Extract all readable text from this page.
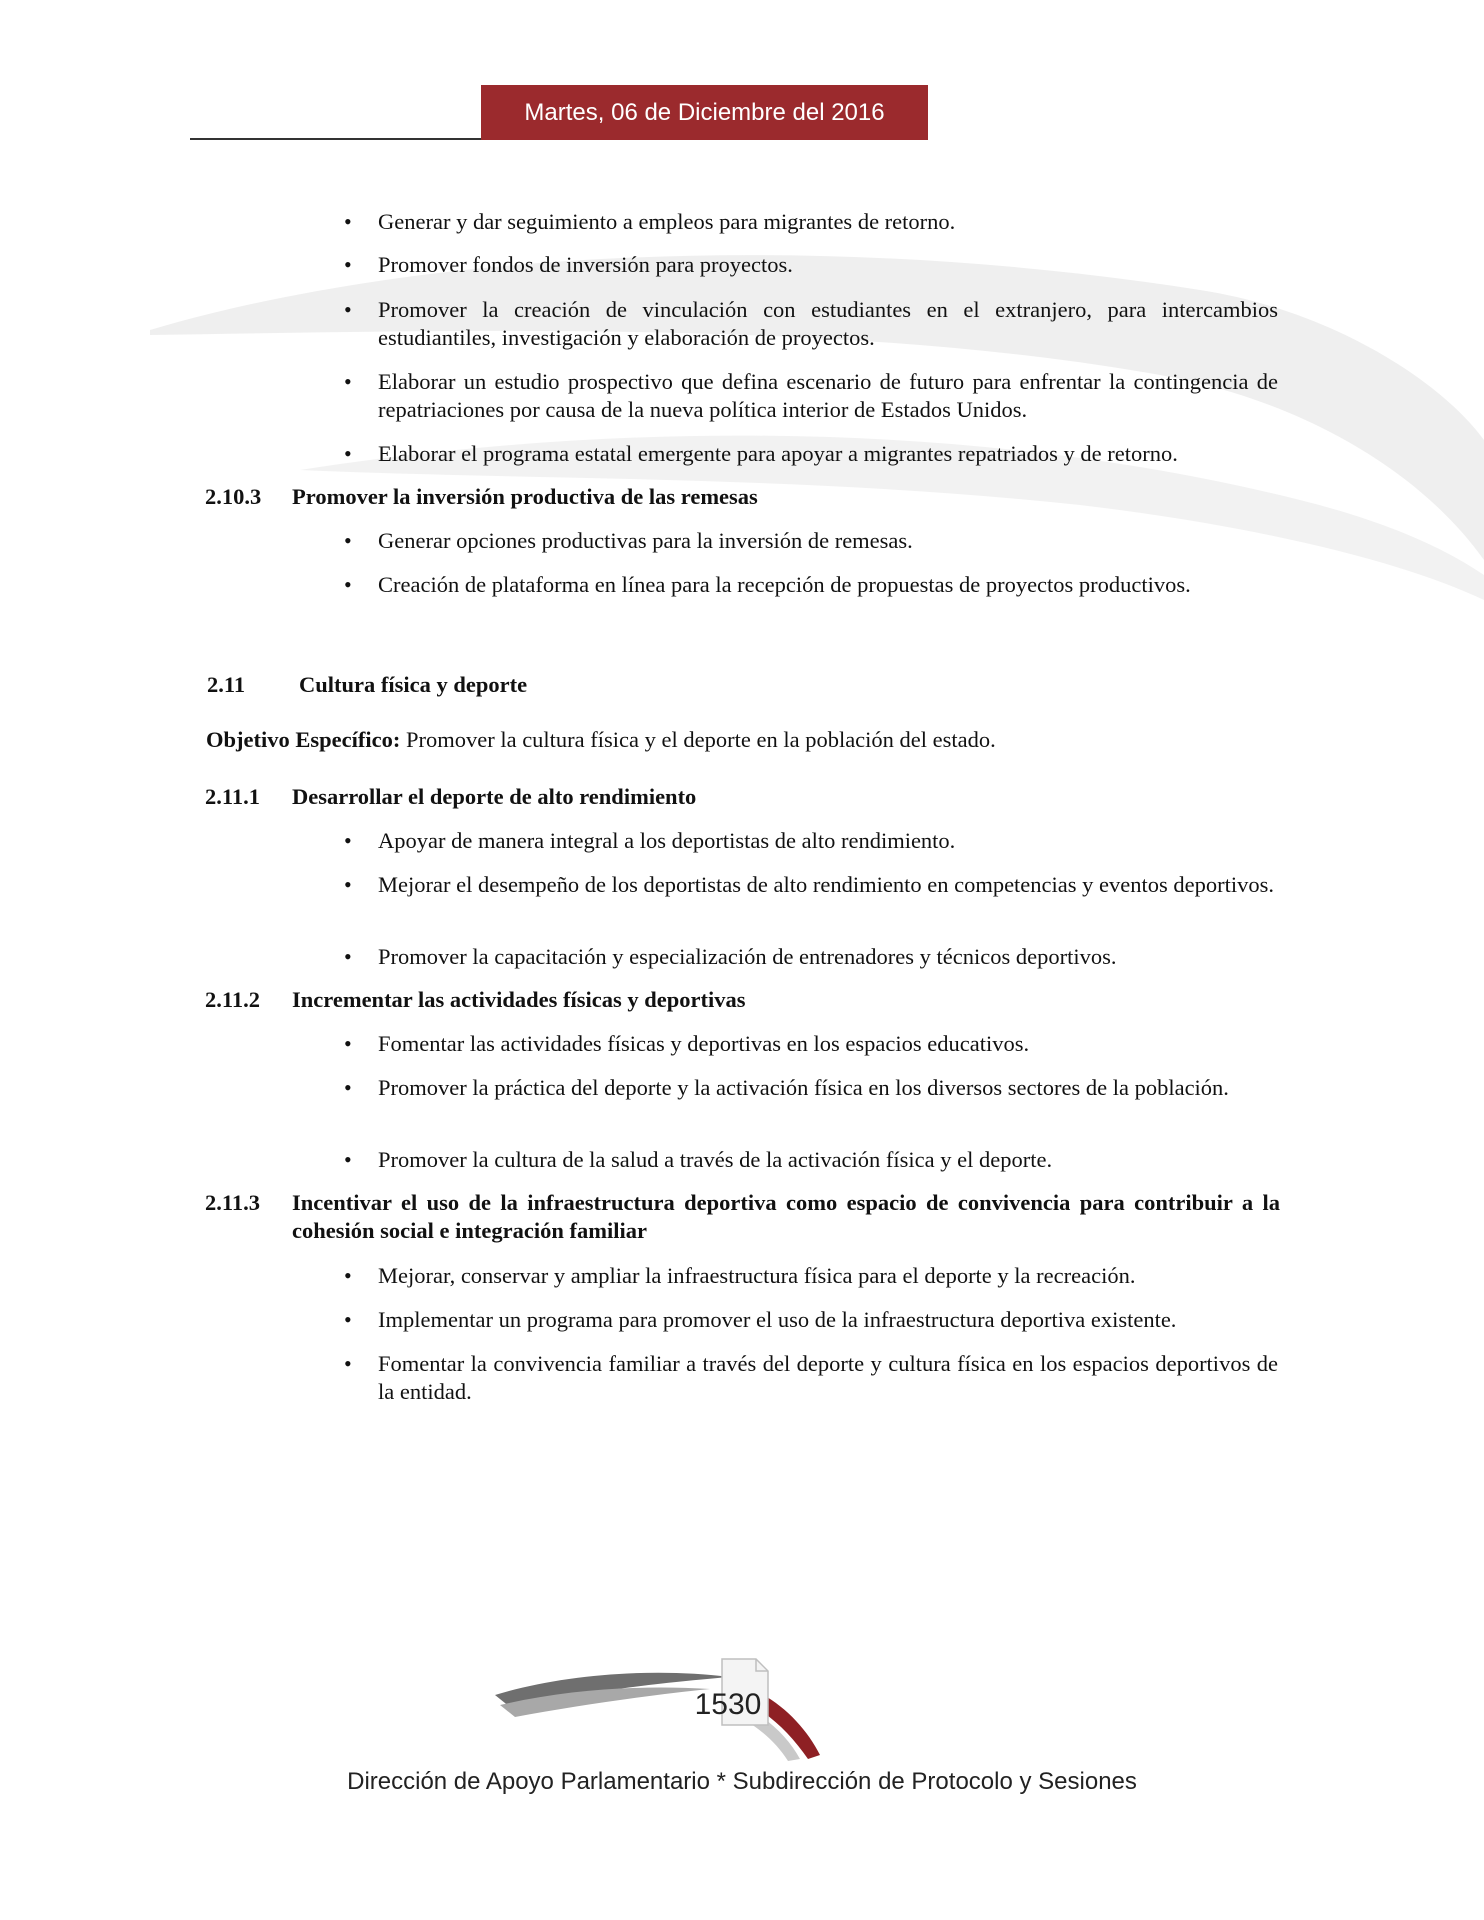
Martes, 06 de Diciembre del 2016
• Generar y dar seguimiento a empleos para migrantes de retorno.
• Promover fondos de inversión para proyectos.
• Promover la creación de vinculación con estudiantes en el extranjero, para intercambios estudiantiles, investigación y elaboración de proyectos.
• Elaborar un estudio prospectivo que defina escenario de futuro para enfrentar la contingencia de repatriaciones por causa de la nueva política interior de Estados Unidos.
• Elaborar el programa estatal emergente para apoyar a migrantes repatriados y de retorno.
2.10.3 Promover la inversión productiva de las remesas
• Generar opciones productivas para la inversión de remesas.
• Creación de plataforma en línea para la recepción de propuestas de proyectos productivos.
2.11 Cultura física y deporte
Objetivo Específico: Promover la cultura física y el deporte en la población del estado.
2.11.1 Desarrollar el deporte de alto rendimiento
• Apoyar de manera integral a los deportistas de alto rendimiento.
• Mejorar el desempeño de los deportistas de alto rendimiento en competencias y eventos deportivos.
• Promover la capacitación y especialización de entrenadores y técnicos deportivos.
2.11.2 Incrementar las actividades físicas y deportivas
• Fomentar las actividades físicas y deportivas en los espacios educativos.
• Promover la práctica del deporte y la activación física en los diversos sectores de la población.
• Promover la cultura de la salud a través de la activación física y el deporte.
2.11.3 Incentivar el uso de la infraestructura deportiva como espacio de convivencia para contribuir a la cohesión social e integración familiar
• Mejorar, conservar y ampliar la infraestructura física para el deporte y la recreación.
• Implementar un programa para promover el uso de la infraestructura deportiva existente.
• Fomentar la convivencia familiar a través del deporte y cultura física en los espacios deportivos de la entidad.
1530
Dirección de Apoyo Parlamentario * Subdirección de Protocolo y Sesiones
